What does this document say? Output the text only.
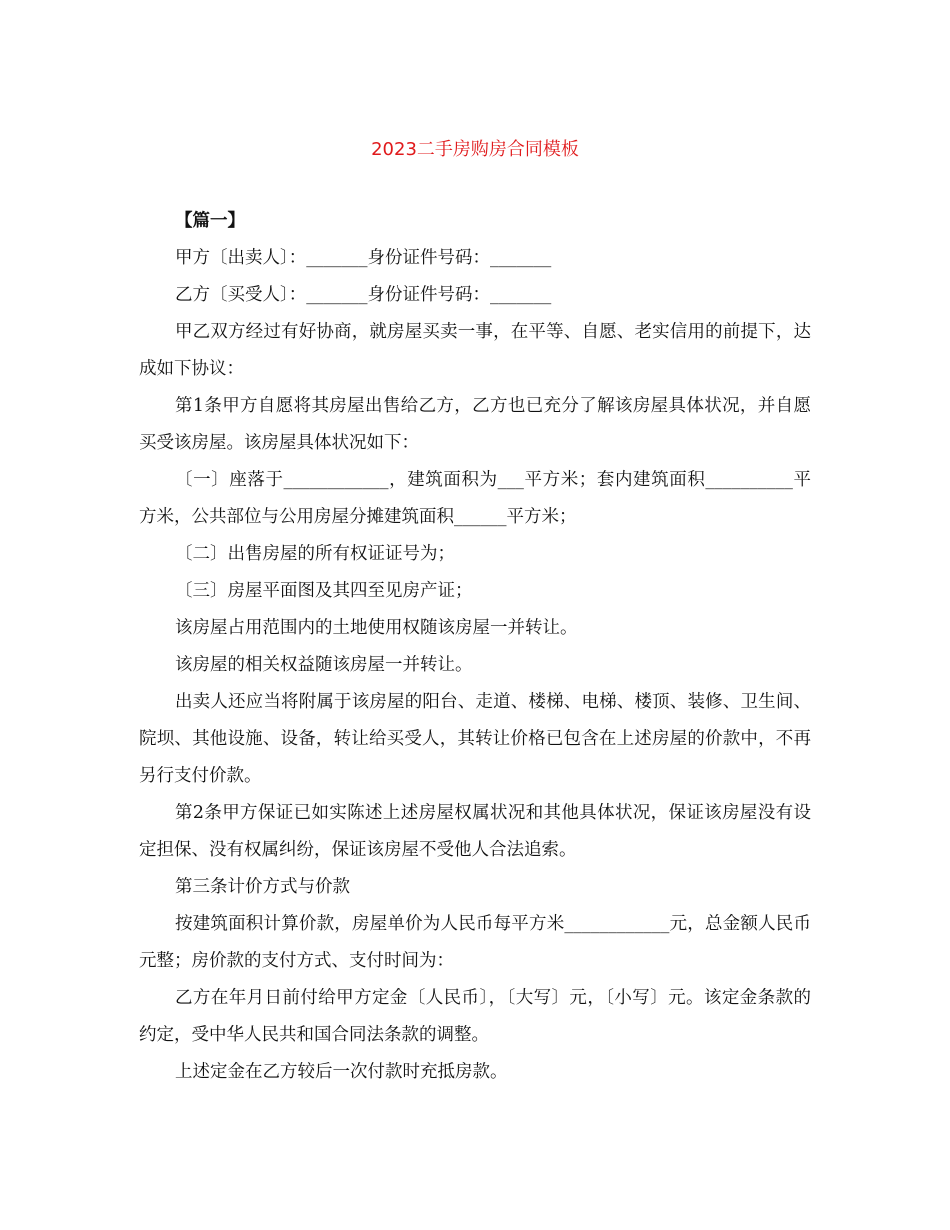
2023二手房购房合同模板

【篇一】

甲方〔出卖人〕：_______身份证件号码：_______

乙方〔买受人〕：_______身份证件号码：_______

甲乙双方经过有好协商，就房屋买卖一事，在平等、自愿、老实信用的前提下，达成如下协议：

第1条甲方自愿将其房屋出售给乙方，乙方也已充分了解该房屋具体状况，并自愿买受该房屋。该房屋具体状况如下：

〔一〕座落于____________，建筑面积为___平方米；套内建筑面积__________平方米，公共部位与公用房屋分摊建筑面积______平方米；

〔二〕出售房屋的所有权证证号为；

〔三〕房屋平面图及其四至见房产证；

该房屋占用范围内的土地使用权随该房屋一并转让。

该房屋的相关权益随该房屋一并转让。

出卖人还应当将附属于该房屋的阳台、走道、楼梯、电梯、楼顶、装修、卫生间、院坝、其他设施、设备，转让给买受人，其转让价格已包含在上述房屋的价款中，不再另行支付价款。

第2条甲方保证已如实陈述上述房屋权属状况和其他具体状况，保证该房屋没有设定担保、没有权属纠纷，保证该房屋不受他人合法追索。

第三条计价方式与价款

按建筑面积计算价款，房屋单价为人民币每平方米____________元，总金额人民币元整；房价款的支付方式、支付时间为：

乙方在年月日前付给甲方定金〔人民币〕，〔大写〕元，〔小写〕元。该定金条款的约定，受中华人民共和国合同法条款的调整。

上述定金在乙方较后一次付款时充抵房款。
